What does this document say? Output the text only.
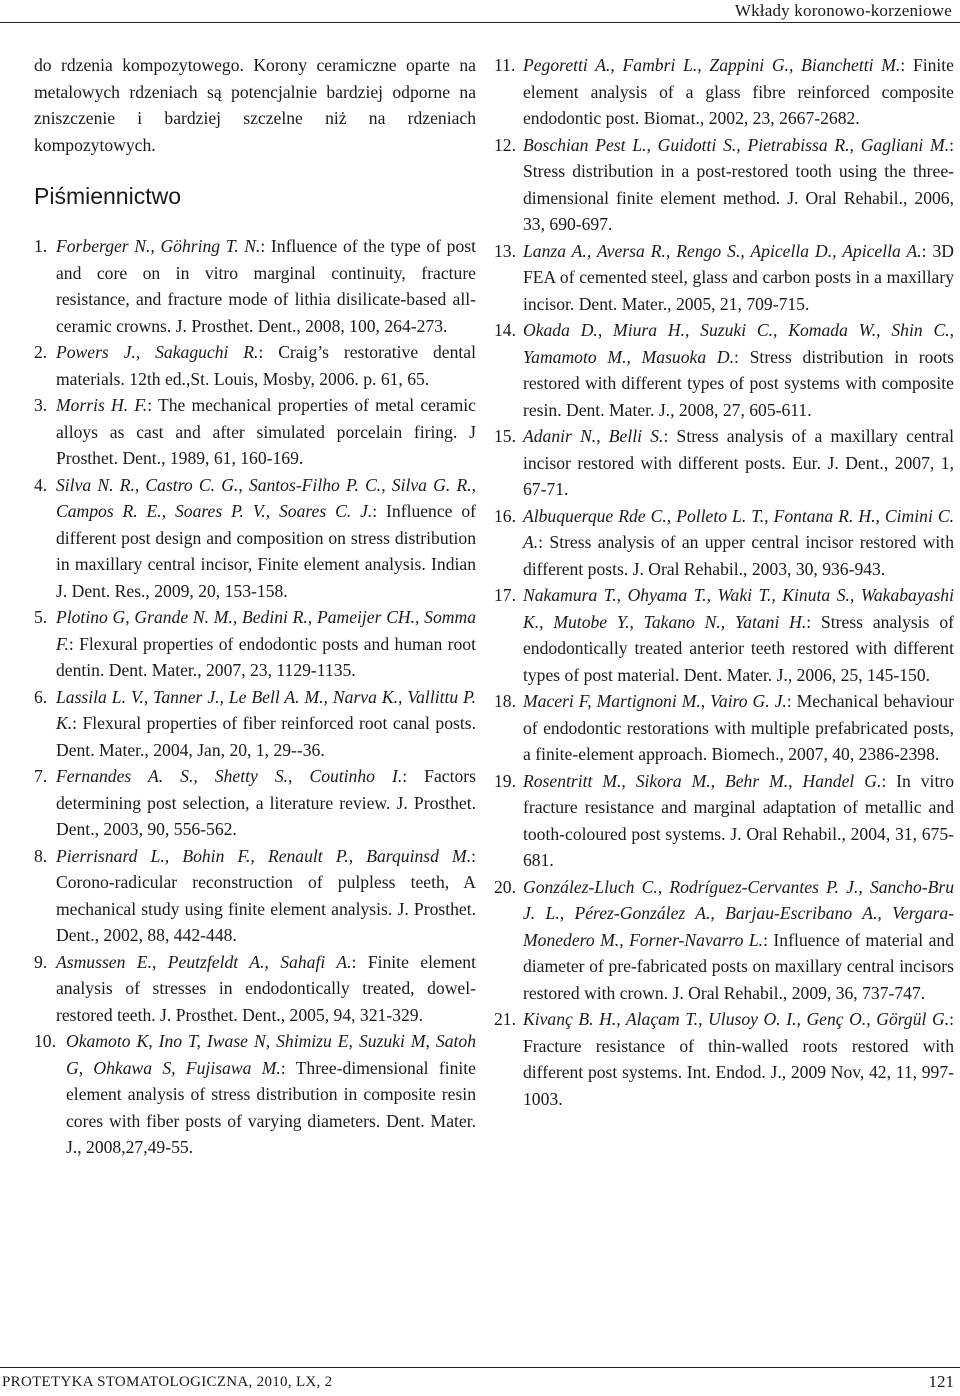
Wkłady koronowo-korzeniowe

do rdzenia kompozytowego. Korony ceramiczne oparte na metalowych rdzeniach są potencjalnie bardziej odporne na zniszczenie i bardziej szczelne niż na rdzeniach kompozytowych.

Piśmiennictwo
1. Forberger N., Göhring T. N.: Influence of the type of post and core on in vitro marginal continuity, fracture resistance, and fracture mode of lithia disilicate-based all-ceramic crowns. J. Prosthet. Dent., 2008, 100, 264-273.
2. Powers J., Sakaguchi R.: Craig’s restorative dental materials. 12th ed.,St. Louis, Mosby, 2006. p. 61, 65.
3. Morris H. F.: The mechanical properties of metal ceramic alloys as cast and after simulated porcelain firing. J Prosthet. Dent., 1989, 61, 160-169.
4. Silva N. R., Castro C. G., Santos-Filho P. C., Silva G. R., Campos R. E., Soares P. V., Soares C. J.: Influence of different post design and composition on stress distribution in maxillary central incisor, Finite element analysis. Indian J. Dent. Res., 2009, 20, 153-158.
5. Plotino G, Grande N. M., Bedini R., Pameijer CH., Somma F.: Flexural properties of endodontic posts and human root dentin. Dent. Mater., 2007, 23, 1129-1135.
6. Lassila L. V., Tanner J., Le Bell A. M., Narva K., Vallittu P. K.: Flexural properties of fiber reinforced root canal posts. Dent. Mater., 2004, Jan, 20, 1, 29--36.
7. Fernandes A. S., Shetty S., Coutinho I.: Factors determining post selection, a literature review. J. Prosthet. Dent., 2003, 90, 556-562.
8. Pierrisnard L., Bohin F., Renault P., Barquinsd M.: Corono-radicular reconstruction of pulpless teeth, A mechanical study using finite element analysis. J. Prosthet. Dent., 2002, 88, 442-448.
9. Asmussen E., Peutzfeldt A., Sahafi A.: Finite element analysis of stresses in endodontically treated, dowel-restored teeth. J. Prosthet. Dent., 2005, 94, 321-329.
10. Okamoto K, Ino T, Iwase N, Shimizu E, Suzuki M, Satoh G, Ohkawa S, Fujisawa M.: Three-dimensional finite element analysis of stress distribution in composite resin cores with fiber posts of varying diameters. Dent. Mater. J., 2008,27,49-55.
11. Pegoretti A., Fambri L., Zappini G., Bianchetti M.: Finite element analysis of a glass fibre reinforced composite endodontic post. Biomat., 2002, 23, 2667-2682.
12. Boschian Pest L., Guidotti S., Pietrabissa R., Gagliani M.: Stress distribution in a post-restored tooth using the three-dimensional finite element method. J. Oral Rehabil., 2006, 33, 690-697.
13. Lanza A., Aversa R., Rengo S., Apicella D., Apicella A.: 3D FEA of cemented steel, glass and carbon posts in a maxillary incisor. Dent. Mater., 2005, 21, 709-715.
14. Okada D., Miura H., Suzuki C., Komada W., Shin C., Yamamoto M., Masuoka D.: Stress distribution in roots restored with different types of post systems with composite resin. Dent. Mater. J., 2008, 27, 605-611.
15. Adanir N., Belli S.: Stress analysis of a maxillary central incisor restored with different posts. Eur. J. Dent., 2007, 1, 67-71.
16. Albuquerque Rde C., Polleto L. T., Fontana R. H., Cimini C. A.: Stress analysis of an upper central incisor restored with different posts. J. Oral Rehabil., 2003, 30, 936-943.
17. Nakamura T., Ohyama T., Waki T., Kinuta S., Wakabayashi K., Mutobe Y., Takano N., Yatani H.: Stress analysis of endodontically treated anterior teeth restored with different types of post material. Dent. Mater. J., 2006, 25, 145-150.
18. Maceri F, Martignoni M., Vairo G. J.: Mechanical behaviour of endodontic restorations with multiple prefabricated posts, a finite-element approach. Biomech., 2007, 40, 2386-2398.
19. Rosentritt M., Sikora M., Behr M., Handel G.: In vitro fracture resistance and marginal adaptation of metallic and tooth-coloured post systems. J. Oral Rehabil., 2004, 31, 675-681.
20. González-Lluch C., Rodríguez-Cervantes P. J., Sancho-Bru J. L., Pérez-González A., Barjau-Escribano A., Vergara-Monedero M., Forner-Navarro L.: Influence of material and diameter of pre-fabricated posts on maxillary central incisors restored with crown. J. Oral Rehabil., 2009, 36, 737-747.
21. Kivanç B. H., Alaçam T., Ulusoy O. I., Genç O., Görgül G.: Fracture resistance of thin-walled roots restored with different post systems. Int. Endod. J., 2009 Nov, 42, 11, 997-1003.
PROTETYKA STOMATOLOGICZNA, 2010, LX, 2	121
